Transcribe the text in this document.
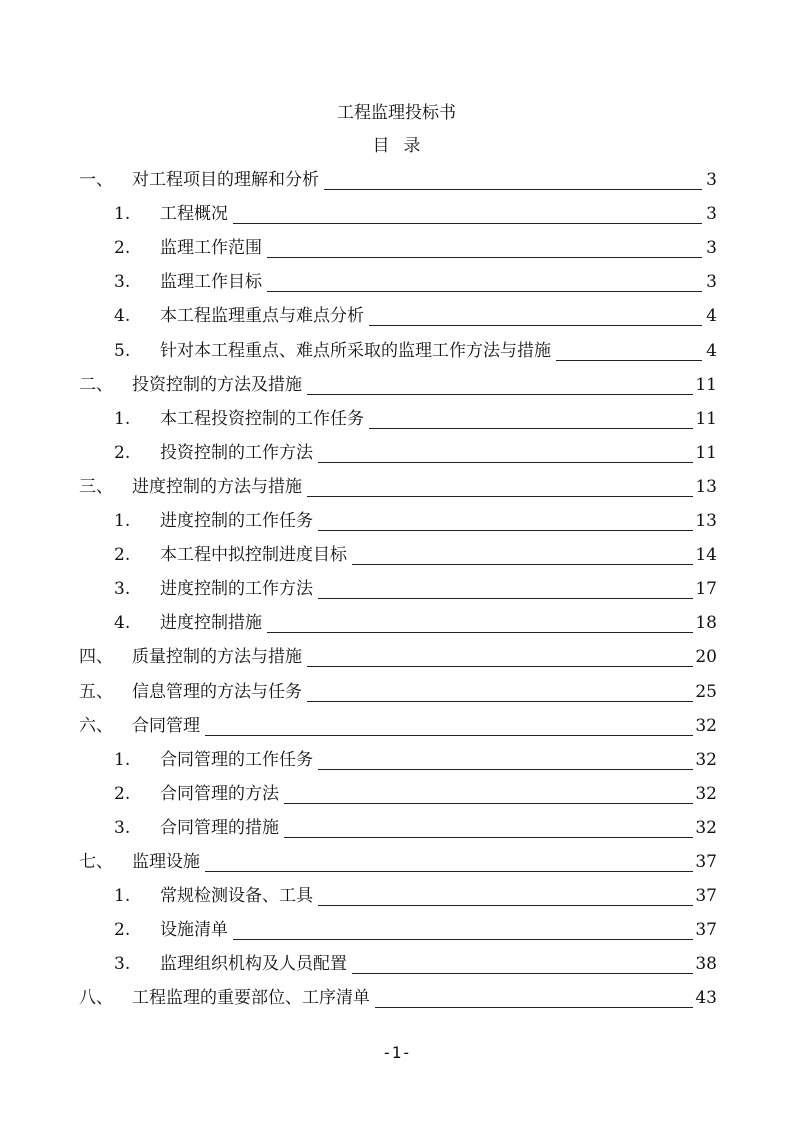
工程监理投标书
目录
一、 对工程项目的理解和分析	3
1. 工程概况	3
2. 监理工作范围	3
3. 监理工作目标	3
4. 本工程监理重点与难点分析	4
5. 针对本工程重点、难点所采取的监理工作方法与措施	4
二、 投资控制的方法及措施	11
1. 本工程投资控制的工作任务	11
2. 投资控制的工作方法	11
三、 进度控制的方法与措施	13
1. 进度控制的工作任务	13
2. 本工程中拟控制进度目标	14
3. 进度控制的工作方法	17
4. 进度控制措施	18
四、 质量控制的方法与措施	20
五、 信息管理的方法与任务	25
六、 合同管理	32
1. 合同管理的工作任务	32
2. 合同管理的方法	32
3. 合同管理的措施	32
七、 监理设施	37
1. 常规检测设备、工具	37
2. 设施清单	37
3. 监理组织机构及人员配置	38
八、 工程监理的重要部位、工序清单	43
-1-
